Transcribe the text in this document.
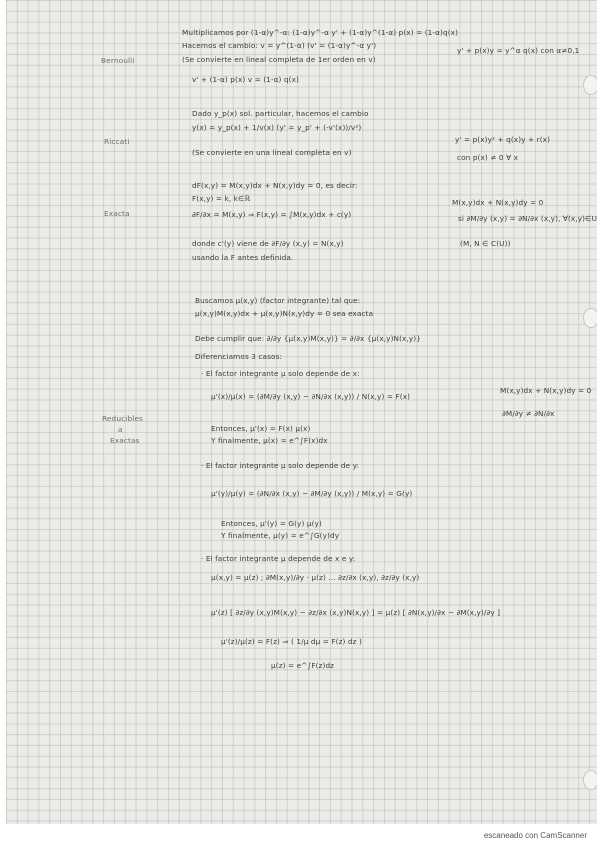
Bernoulli
Riccati
Exacta
Reducibles
a
Exactas
Multiplicamos por (1-α)y^-α: (1-α)y^-α y' + (1-α)y^(1-α) p(x) = (1-α)q(x)
Hacemos el cambio: v = y^(1-α) (v' = (1-α)y^-α y')
(Se convierte en lineal completa de 1er orden en v)
v' + (1-α) p(x) v = (1-α) q(x)
y' + p(x)y = y^α q(x) con α≠0,1
Dado y_p(x) sol. particular, hacemos el cambio
y(x) = y_p(x) + 1/v(x) (y' = y_p' + (-v'(x))/v²)
(Se convierte en una lineal completa en v)
y' = p(x)y² + q(x)y + r(x)
con p(x) ≠ 0 ∀ x
dF(x,y) = M(x,y)dx + N(x,y)dy = 0, es decir:
F(x,y) = k, k∈ℝ
∂F/∂x = M(x,y) ⇒ F(x,y) = ∫M(x,y)dx + c(y)
donde c'(y) viene de ∂F/∂y (x,y) = N(x,y)
usando la F antes definida.
M(x,y)dx + N(x,y)dy = 0
si ∂M/∂y (x,y) = ∂N/∂x (x,y), ∀(x,y)∈U
(M, N ∈ C(U))
Buscamos μ(x,y) (factor integrante) tal que:
μ(x,y)M(x,y)dx + μ(x,y)N(x,y)dy = 0 sea exacta
Debe cumplir que: ∂/∂y {μ(x,y)M(x,y)} = ∂/∂x {μ(x,y)N(x,y)}
Diferenciamos 3 casos:
· El factor integrante μ solo depende de x:
μ'(x)/μ(x) = (∂M/∂y (x,y) − ∂N/∂x (x,y)) / N(x,y) = F(x)
Entonces, μ'(x) = F(x) μ(x)
Y finalmente, μ(x) = e^∫F(x)dx
· El factor integrante μ solo depende de y:
μ'(y)/μ(y) = (∂N/∂x (x,y) − ∂M/∂y (x,y)) / M(x,y) = G(y)
Entonces, μ'(y) = G(y) μ(y)
Y finalmente, μ(y) = e^∫G(y)dy
· El factor integrante μ depende de x e y:
μ(x,y) = μ(z) ; ∂M(x,y)/∂y · μ(z) ... ∂z/∂x (x,y), ∂z/∂y (x,y)
μ'(z) [ ∂z/∂y (x,y)M(x,y) − ∂z/∂x (x,y)N(x,y) ] = μ(z) [ ∂N(x,y)/∂x − ∂M(x,y)/∂y ]
μ'(z)/μ(z) = F(z) ⇒ ( 1/μ dμ = F(z) dz )
μ(z) = e^∫F(z)dz
M(x,y)dx + N(x,y)dy = 0
∂M/∂y ≠ ∂N/∂x
escaneado con CamScanner
